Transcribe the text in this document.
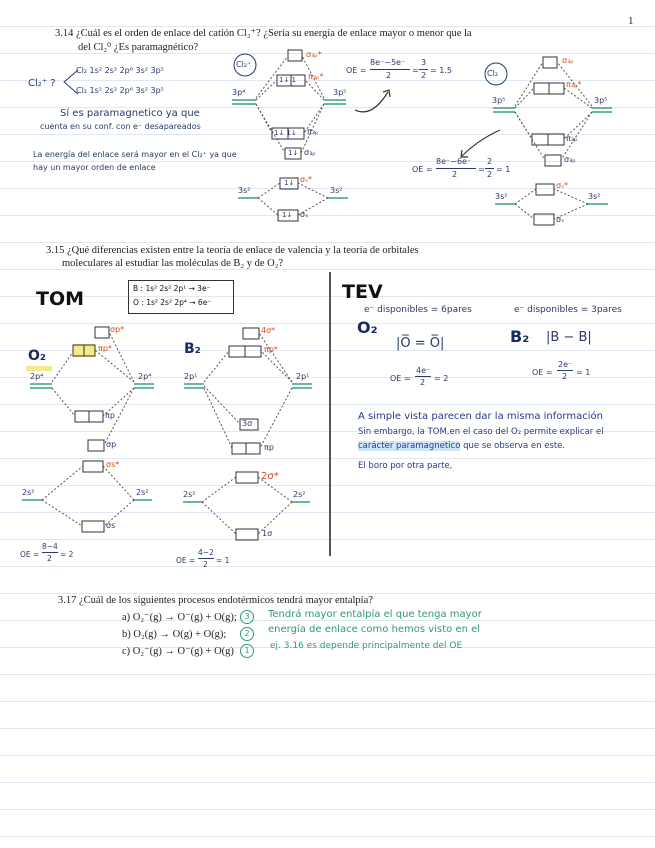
1
3.14 ¿Cuál es el orden de enlace del catión Cl₂⁺? ¿Sería su energía de enlace mayor o menor que la
del Cl₂⁰ ¿Es paramagnético?
Cl₂⁺ ?
Cl₂ 1s² 2s² 2p⁶ 3s² 3p⁵
Cl₂ 1s² 2s² 2p⁶ 3s² 3p⁵
Sí es paramagnetico ya que
cuenta en su conf. con e⁻ desapareados
La energía del enlace será mayor en el Cl₂⁺ ya que
hay un mayor orden de enlace
Cl₂⁺
σ₃ₚ*
π₃ₚ*
π₃ₚ
σ₃ₚ
3p⁴	3p⁵
3s²	3s²
σₛ*
σₛ
1↓ 1
1↓ 1↓
1↓
1↓
1↓
OE =
8e⁻−5e⁻
2
=
3
2
= 1.5	Cl₂
σ₃ₚ
π₃ₚ*
π₃ₚ
σ₃ₚ
3p⁵	3p⁵
3s²	3s²
σₛ*
σₛ
OE =
8e⁻−6e⁻
2
=
2
2
= 1
3.15 ¿Qué diferencias existen entre la teoría de enlace de valencia y la teoría de orbitales
moleculares al estudiar las moléculas de B₂ y de O₂?
TOM	TEV
B : 1s² 2s² 2p¹ → 3e⁻
O : 1s² 2s² 2p⁴ → 6e⁻
O₂
σp*
πp*
πp
σp
σs*
σs
2p⁴	2p⁴
2s²	2s²
OE =
8−4
2 = 2
B₂
4σ*
πp*
3σ
πp
2σ*
1σ
2p¹	2p¹
2s²	2s²
OE =
4−2
2 = 1
O₂
e⁻ disponibles = 6pares
|O̅ = O̅|
OE =
4e⁻
2 = 2
B₂
e⁻ disponibles = 3pares
|B − B|
OE =
2e⁻
2 = 1
A simple vista parecen dar la misma información
Sin embargo, la TOM,en el caso del O₂ permite explicar el
carácter paramagnetico que se observa en este.
El boro por otra parte,
3.17 ¿Cuál de los siguientes procesos endotérmicos tendrá mayor entalpía?
a) O₂⁻(g) → O⁻(g) + O(g);
b) O₂(g) → O(g) + O(g);
c) O₂⁻(g) → O⁻(g) + O(g)
3
2
1
Tendrá mayor entalpía el que tenga mayor
energía de enlace como hemos visto en el
ej. 3.16 es depende principalmente del OE
